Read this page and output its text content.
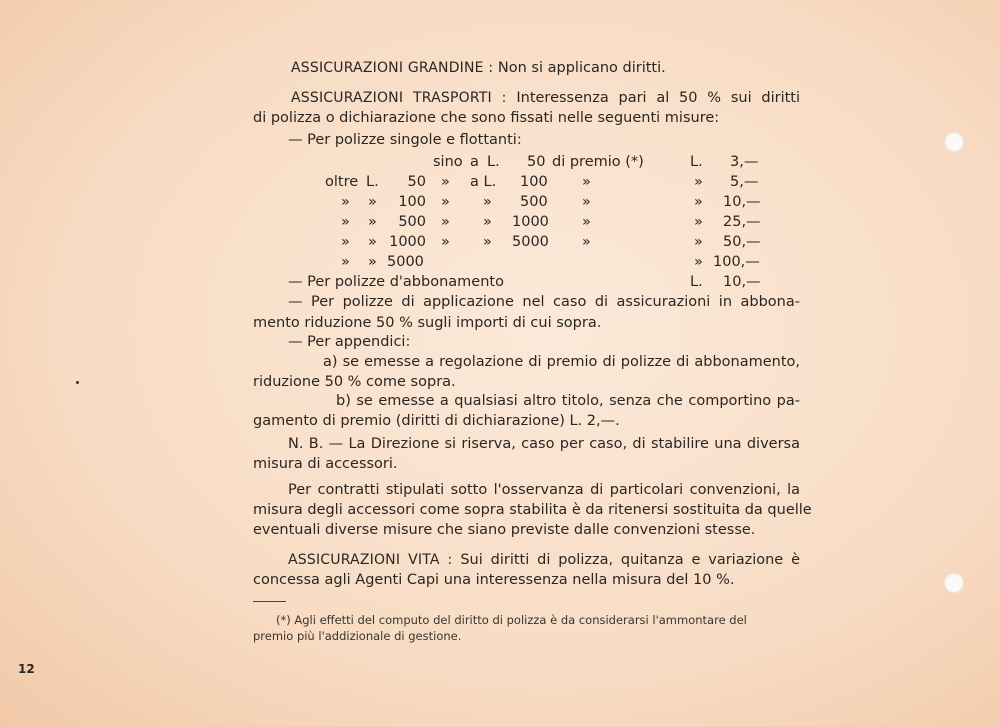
ASSICURAZIONI GRANDINE : Non si applicano diritti.
ASSICURAZIONI TRASPORTI : Interessenza pari al 50 % sui diritti
di polizza o dichiarazione che sono fissati nelle seguenti misure:
— Per polizze singole e flottanti:
sino a L. 50 di premio (*)	L. 3,—
oltre L.	50 » a L. 100 »	» 5,—
» »	100 » » 500 »	» 10,—
» »	500 » » 1000 »	» 25,—
» » 1000 » » 5000 »	» 50,—
» » 5000	» 100,—
— Per polizze d'abbonamento	L. 10,—
— Per polizze di applicazione nel caso di assicurazioni in abbona-
mento riduzione 50 % sugli importi di cui sopra.
— Per appendici:
a) se emesse a regolazione di premio di polizze di abbonamento,
riduzione 50 % come sopra.
b) se emesse a qualsiasi altro titolo, senza che comportino pa-
gamento di premio (diritti di dichiarazione) L. 2,—.
N. B. — La Direzione si riserva, caso per caso, di stabilire una diversa
misura di accessori.
Per contratti stipulati sotto l'osservanza di particolari convenzioni, la
misura degli accessori come sopra stabilita è da ritenersi sostituita da quelle
eventuali diverse misure che siano previste dalle convenzioni stesse.
ASSICURAZIONI VITA : Sui diritti di polizza, quitanza e variazione è
concessa agli Agenti Capi una interessenza nella misura del 10 %.
(*) Agli effetti del computo del diritto di polizza è da considerarsi l'ammontare del
premio più l'addizionale di gestione.
12
